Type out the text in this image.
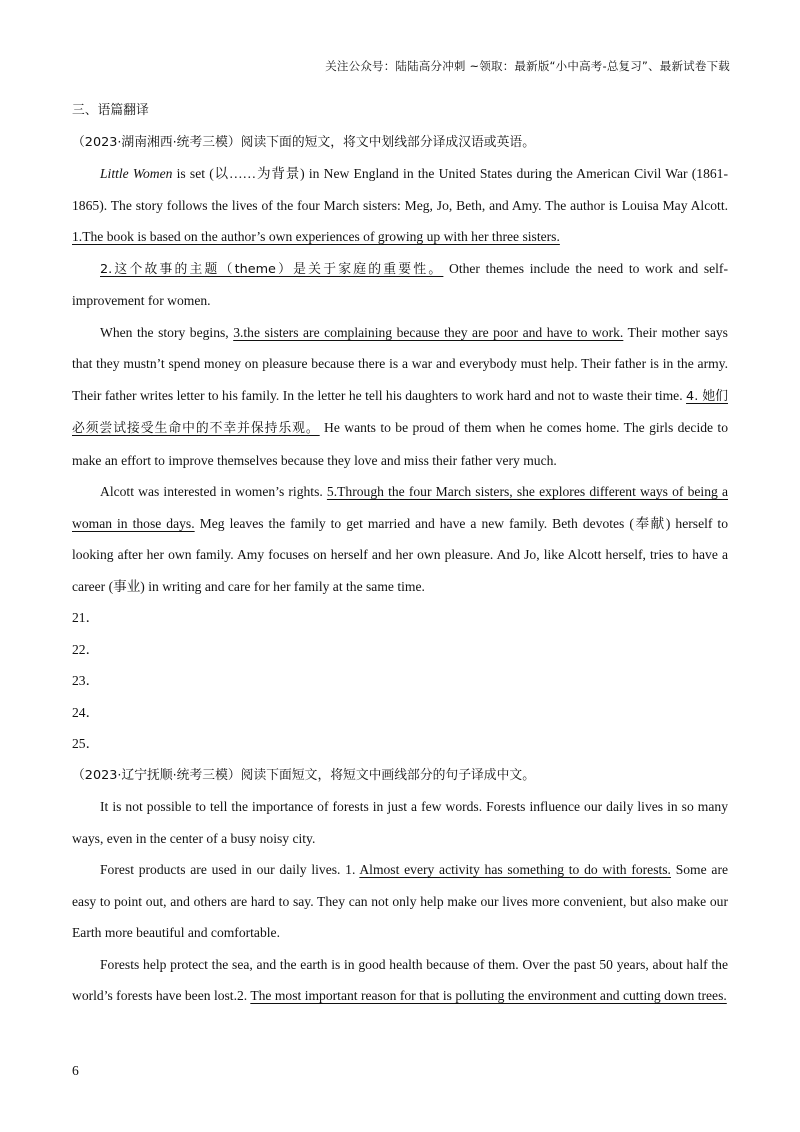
关注公众号：陆陆高分冲刺 ~领取：最新版“小中高考-总复习”、最新试卷下载

三、语篇翻译

（2023·湖南湘西·统考三模）阅读下面的短文，将文中划线部分译成汉语或英语。

Little Women is set (以……为背景) in New England in the United States during the American Civil War (1861-1865). The story follows the lives of the four March sisters: Meg, Jo, Beth, and Amy. The author is Louisa May Alcott. 1.The book is based on the author’s own experiences of growing up with her three sisters.

2.这个故事的主题（theme）是关于家庭的重要性。 Other themes include the need to work and self-improvement for women.

When the story begins, 3.the sisters are complaining because they are poor and have to work. Their mother says that they mustn’t spend money on pleasure because there is a war and everybody must help. Their father is in the army. Their father writes letter to his family. In the letter he tell his daughters to work hard and not to waste their time. 4. 她们必须尝试接受生命中的不幸并保持乐观。 He wants to be proud of them when he comes home. The girls decide to make an effort to improve themselves because they love and miss their father very much.

Alcott was interested in women’s rights. 5.Through the four March sisters, she explores different ways of being a woman in those days. Meg leaves the family to get married and have a new family. Beth devotes (奉献) herself to looking after her own family. Amy focuses on herself and her own pleasure. And Jo, like Alcott herself, tries to have a career (事业) in writing and care for her family at the same time.

21．

22．

23．

24．

25．

（2023·辽宁抚顺·统考三模）阅读下面短文，将短文中画线部分的句子译成中文。

It is not possible to tell the importance of forests in just a few words. Forests influence our daily lives in so many ways, even in the center of a busy noisy city.

Forest products are used in our daily lives. 1. Almost every activity has something to do with forests. Some are easy to point out, and others are hard to say. They can not only help make our lives more convenient, but also make our Earth more beautiful and comfortable.

Forests help protect the sea, and the earth is in good health because of them. Over the past 50 years, about half the world’s forests have been lost.2. The most important reason for that is polluting the environment and cutting down trees.

6
